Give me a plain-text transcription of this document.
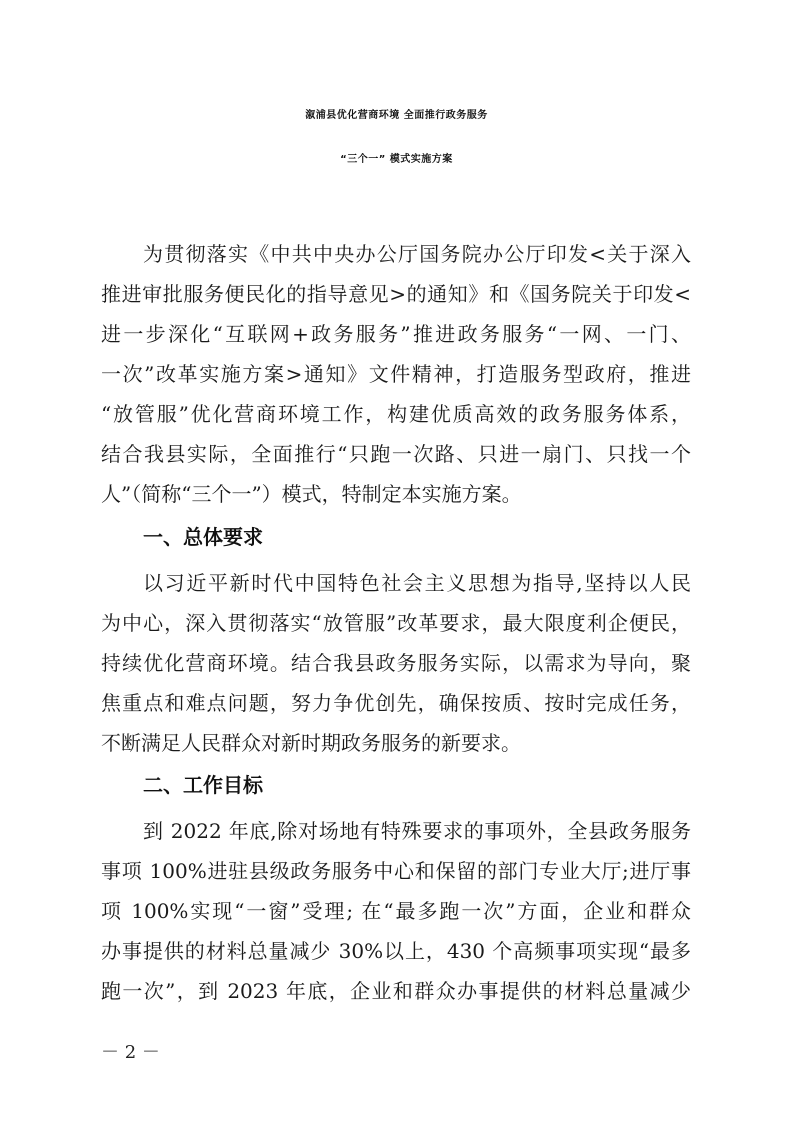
溆浦县优化营商环境 全面推行政务服务
“三个一” 模式实施方案
为贯彻落实《中共中央办公厅国务院办公厅印发<关于深入
推进审批服务便民化的指导意见>的通知》和《国务院关于印发<
进一步深化“互联网+政务服务”推进政务服务“一网、一门、
一次”改革实施方案>通知》文件精神，打造服务型政府，推进
“放管服”优化营商环境工作，构建优质高效的政务服务体系，
结合我县实际，全面推行“只跑一次路、只进一扇门、只找一个
人”（简称“三个一”）模式，特制定本实施方案。
一、总体要求
以习近平新时代中国特色社会主义思想为指导,坚持以人民
为中心，深入贯彻落实“放管服”改革要求，最大限度利企便民，
持续优化营商环境。结合我县政务服务实际，以需求为导向，聚
焦重点和难点问题，努力争优创先，确保按质、按时完成任务，
不断满足人民群众对新时期政务服务的新要求。
二、工作目标
到 2022 年底,除对场地有特殊要求的事项外，全县政务服务
事项 100%进驻县级政务服务中心和保留的部门专业大厅;进厅事
项 100%实现“一窗”受理; 在“最多跑一次”方面，企业和群众
办事提供的材料总量减少 30%以上，430 个高频事项实现“最多
跑一次”，到 2023 年底，企业和群众办事提供的材料总量减少
－ 2 －
